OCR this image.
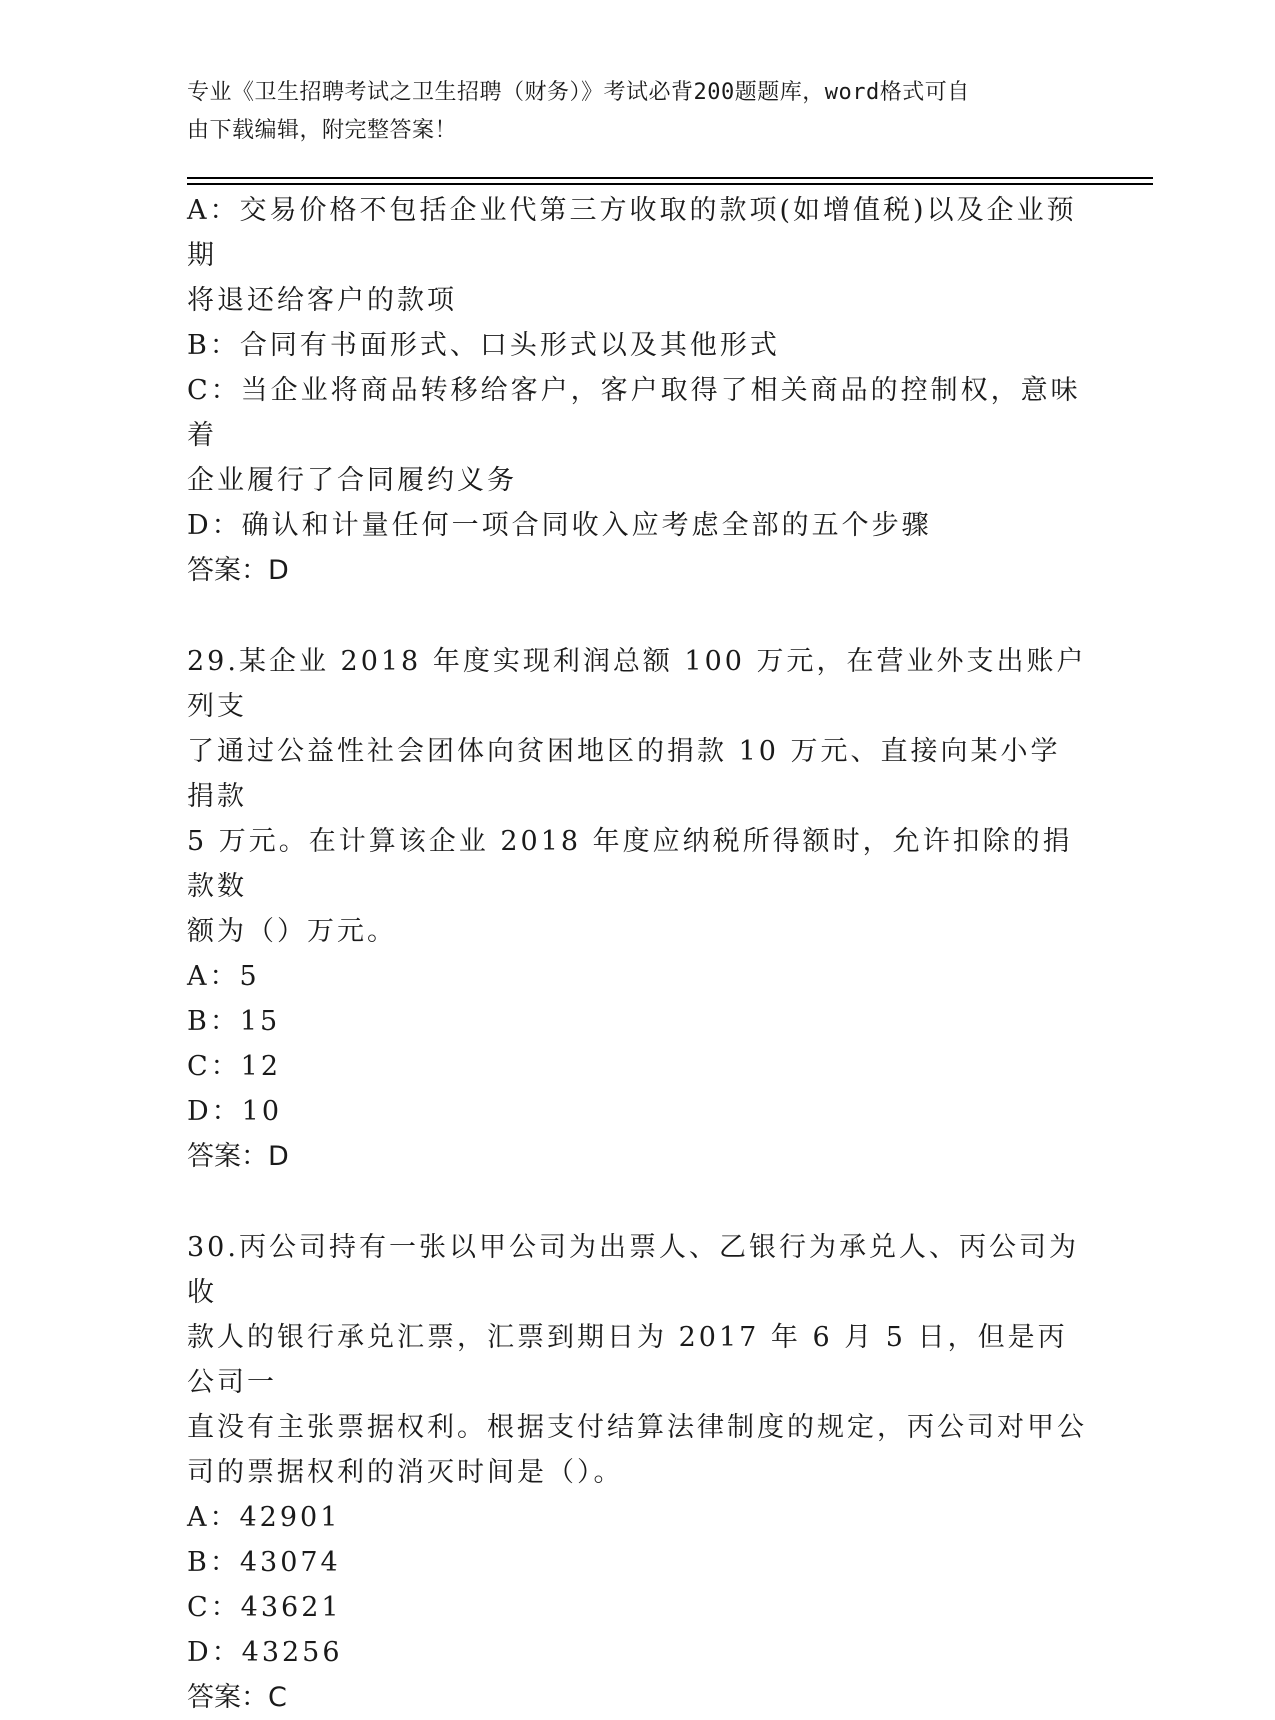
专业《卫生招聘考试之卫生招聘（财务）》考试必背200题题库，word格式可自
由下载编辑，附完整答案！
A：交易价格不包括企业代第三方收取的款项(如增值税)以及企业预期
将退还给客户的款项
B：合同有书面形式、口头形式以及其他形式
C：当企业将商品转移给客户，客户取得了相关商品的控制权，意味着
企业履行了合同履约义务
D：确认和计量任何一项合同收入应考虑全部的五个步骤
答案：D
29.某企业 2018 年度实现利润总额 100 万元，在营业外支出账户列支
了通过公益性社会团体向贫困地区的捐款 10 万元、直接向某小学捐款
5 万元。在计算该企业 2018 年度应纳税所得额时，允许扣除的捐款数
额为（）万元。
A：5
B：15
C：12
D：10
答案：D
30.丙公司持有一张以甲公司为出票人、乙银行为承兑人、丙公司为收
款人的银行承兑汇票，汇票到期日为 2017 年 6 月 5 日，但是丙公司一
直没有主张票据权利。根据支付结算法律制度的规定，丙公司对甲公
司的票据权利的消灭时间是（）。
A：42901
B：43074
C：43621
D：43256
答案：C
